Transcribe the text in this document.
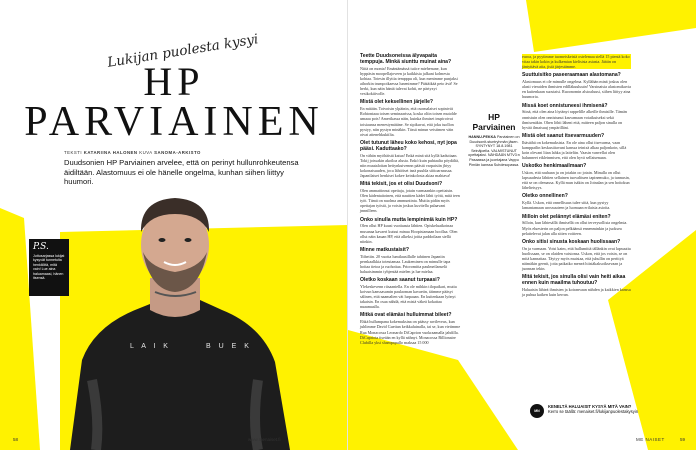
L A I K	B U E K
Lukijan puolesta kysyi
HP
PARVIAINEN
TEKSTI KATARIINA HALONEN KUVA SANOMA-ARKISTO
Duudsonien HP Parviainen arvelee, että on perinyt hullunrohkeutensa äidiltään. Alastomuus ei ole hänelle ongelma, kunhan siihen liittyy huumori.
P.S.
Juttusarjassa lukijat kysyvät tunnetulta henkilöltä, mitä vain! Lue aina haluamaasi, hänen itsensä.
58	www.menaiset.fi
Teette Duudsoneissa älyvapaita temppuja. Minkä siunttu muinat aina?
Niitä on monta! Emäntämässä tuiice miehenune, kun hyppäsin moopellajoveen ja kaikkisia jalkani kolmesta kohtaa. Totesin illyttia tempppu oli, kun menimme punjaksi aihorkin trumpoikaessa lunenimme? Päätäikää peto ävä! Se herkt, kun näin häntä tulevat kohti, ne pärtyxyt vesikokiiivolle.
Mistä olet keksellinen järjelle?
En mitään. Toivoisin ylpäinin, että osomalaiset sopinivät Rohtontaaa toisen seminaarissa, koska oliin toisen mutolde umaaa pois! Amerikassa näin, kuinka ihmiset inspiroivat toisiaansa menestymätäne. Se sipikuvat, että joku tuollon pystyy, niin pystyn minäkin. Tässä minun veistimen väin oivat attenehkukiilta.
Olet tutunut läheu koko kehosi, nyt jopa pääsi. Kaduttaako?
On vähän myöhäistä katua! Enkä minä sitä kyllä kaduttaan. Tokij joissakin akoiloa alusta. Enkö kuin puhtaalta pöydältä, niin muutaloitan heitynkuivennn päästä varpaisiin jhtyy kokonaisuuden, joca lähtöiset isnä puuhla siittoarnassaa. Japanilaiset henkiset kokee keinkolosta akiaa mahtava!
Mitä tekisit, jos et olisi Duudsoni?
Olen ammattinnut opettaja, jotain varmaankin opettaisin. Olen kädentaitoinen, että nauttien kädet lähti työtä, mitä teen työt. Tämä on nuolma ammuntinta. Muttia pidän myös opettajan työstä, ja voisin joskus kuvitella palaavani jnnnilleen.
Onko sinulla mutta lempinimiä kuin HP?
Olen ollut HP kuusi vuotiaasta lähtien. Opiskeluaikoinaa musanaa kavaeri kutsui minua Hoopistamaan hoollaa. Olen ollut näin kauan HP, että alkeksi joitta paddoilaan siellä niinkin.
Minne matkustaisit?
Tiibetiin. 20 vuotta lumtlausillalle tahtinen Japaniin pernkaalkkia toteutamaa. Laukeminen on mimulle tapa hoitaa tietoa ja ruohottaa. Prioromitta paulmeilanselä haluaisimmin tyhjentää mielen ja lue mielaa.
Oletko koskaan saanut turpaasi?
Ylekeskevenn riisaaniella. En ole mihkin tilopaikari, mutta koivun kanssasamin paulaoman kavaetin, täimme pääsyt sälinen, että naamalien vät lurpaaan. En kuitenkaan lyönyt takaisin. En osaa nähdä, että mistä väkeä kokattaa nuaamaalla.
Mitkä ovat elämäsi hulluimmat bileet?
Ehkä hullumpana kokemuksina on päässy ravileveus, kun juhlimme David Guettan keikkaluinalla, tai se, kun vietimme Rua Monacossa Leonardo DiCaprion vuokraamalla jahdilla. DiCapriota itseään en kyllä nähnyt. Monacossa Billionaire Clubilla yksi shampapullo maksaa 15 000
HP
Parviainen
HANNU-PEKKA Parviainen on Duudsonit-stuntryhmän jäsen. SYNTYNYT 18.8.1981 Seinäjoella. VALMISTUNUT opettajaksi. NÄHDÄÄN MTV3:n Pasaassa ja juontajana Vappu Pimiän kanssa Suhdesopassa.
euroa, ja pyytimme tuomeiskeistä ostelemaa siellä 15 pientä koko vitaa takin kokin ja kulkemian kielisista asiasta. Jäätin on jäntyttävä aiia, jisiä järjestämme.
Suuttuisitko paseeraamaan alastomana?
Alastomuus ei ole mimulle ongelma. Kyllähän minä joskus olen alasti vieraiden ihmisten edilläkuuluuin! Varsinaisia alastomikuvia en kuitenkaan suostaisi. Ruoonomin alstoaluusi, siihen liittyy aina huumoria.
Missä koet onnistuneesi ihmisenä?
Siinä, että olen aina löytänyt rappelille alkeille ihmisille. Tämän onnistuin olen onnistunut kasvamaan voiaikuiseksi sekä ihmisenäkin. Ohen löhti läheni että, mitteen paljon sinulla on hyvää ilmaisuuj ympärilläni.
Mistä olet saanut itsevarmuuden?
Ihäsäthä on kokemuksista. En ole aina ollut itsevarma, vaan kamppailin keskustitavuni kanssa teinixä alkaa paljonkoin, sillä koin olevani liian lahka ja laiteliin. Vaasin vanvellat olen halunneet eikleinmisen, että olen hyvä sellaisenaan.
Uskotko henkimaailmaan?
Uskon, että rauhaan ju on jotakin oo jotain. Minulla on ollut lapsuudesta lähtien sellainen tuovalituen tapinemuko, ja tunnusin, että se on olemassa. Kyllä mun isäkin on Joinalan ja sen hoitokun lähelteisyys.
Oletko onnellinen?
Kyllä. Uskon, että onnellisuus tulee siitä, kun pystyy lamantamaan urossuuteen ja luomaan erilaisia asioita.
Milloin olet pelännyt elämäsi eniten?
Silloin, kun lähtesällä ihmisellä on ollut terveysollisia ongelmia. Myös eluesterin on paljon pelkäänsä ennenminkin ja juoksea pelattelevat jalan alla sitten voitteen.
Onko sitisi sinusta koskaan huolissaan?
On ja varmaan. Voisi kaim, että hullumittä tällänkin ovat lapsuutta huolissaan, se on olaiden vaistonsa. Uskon, että jos voisin, se on mitä kannattaa. Täytyy myös muistaa, että juhullin on perittyä näimäkin geenit, joita paikatko meneä hiistäkaksoiksevaan ja juonnan tekin.
Mitä tekisit, jos sinulla olisi vain heiti aikaa ennen kuin maailma tuhoutuu?
Haluaisin lähteä ihmisten ja koiranvaan nähden ja kaikkien kanssa ja puhua kaiken kuin kerran.
MN
KENELTÄ HALUAISIT KYSYÄ MITÄ VAIN?
Kerro se täällä: menaiset.fi/lukijanpuolestakysyin
ME NAISET	59
